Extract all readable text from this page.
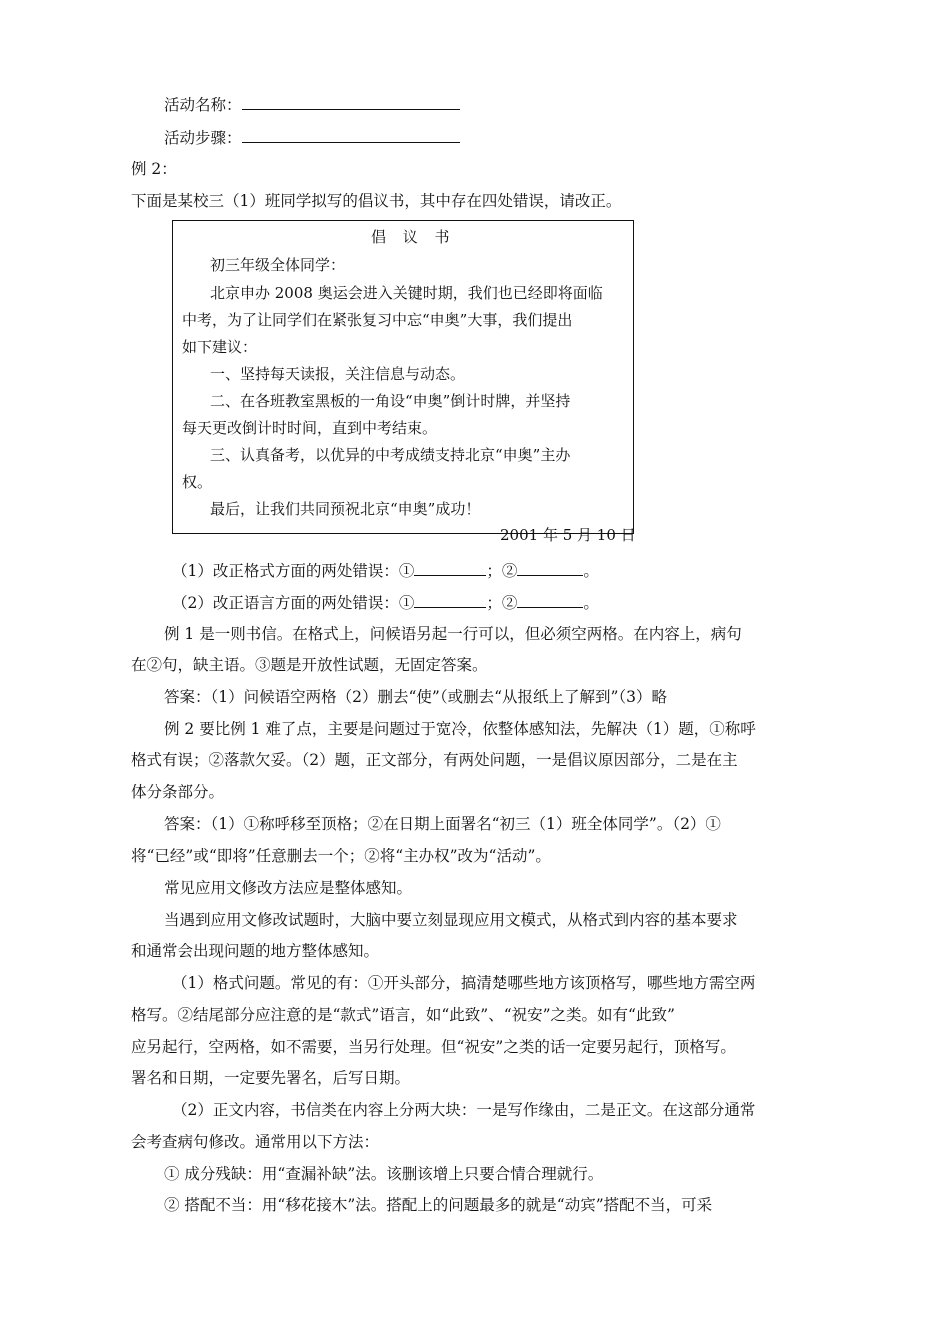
活动名称：
活动步骤：
例 2：
下面是某校三（1）班同学拟写的倡议书，其中存在四处错误，请改正。
倡 议 书
初三年级全体同学：
北京申办 2008 奥运会进入关键时期，我们也已经即将面临
中考，为了让同学们在紧张复习中忘“申奥”大事，我们提出
如下建议：
一、坚持每天读报，关注信息与动态。
二、在各班教室黑板的一角设“申奥”倒计时牌，并坚持
每天更改倒计时时间，直到中考结束。
三、认真备考，以优异的中考成绩支持北京“申奥”主办
权。
最后，让我们共同预祝北京“申奥”成功！
2001 年 5 月 10 日
（1）改正格式方面的两处错误：①	；②	。
（2）改正语言方面的两处错误：①	；②	。
例 1 是一则书信。在格式上，问候语另起一行可以，但必须空两格。在内容上，病句
在②句，缺主语。③题是开放性试题，无固定答案。
答案：（1）问候语空两格（2）删去“使”（或删去“从报纸上了解到”（3）略
例 2 要比例 1 难了点，主要是问题过于宽冷，依整体感知法，先解决（1）题，①称呼
格式有误；②落款欠妥。（2）题，正文部分，有两处问题，一是倡议原因部分，二是在主
体分条部分。
答案：（1）①称呼移至顶格；②在日期上面署名“初三（1）班全体同学”。（2）①
将“已经”或“即将”任意删去一个；②将“主办权”改为“活动”。
常见应用文修改方法应是整体感知。
当遇到应用文修改试题时，大脑中要立刻显现应用文模式，从格式到内容的基本要求
和通常会出现问题的地方整体感知。
（1）格式问题。常见的有：①开头部分，搞清楚哪些地方该顶格写，哪些地方需空两
格写。②结尾部分应注意的是“款式”语言，如“此致”、“祝安”之类。如有“此致”
应另起行，空两格，如不需要，当另行处理。但“祝安”之类的话一定要另起行，顶格写。
署名和日期，一定要先署名，后写日期。
（2）正文内容，书信类在内容上分两大块：一是写作缘由，二是正文。在这部分通常
会考查病句修改。通常用以下方法：
① 成分残缺：用“查漏补缺”法。该删该增上只要合情合理就行。
② 搭配不当：用“移花接木”法。搭配上的问题最多的就是“动宾”搭配不当，可采
